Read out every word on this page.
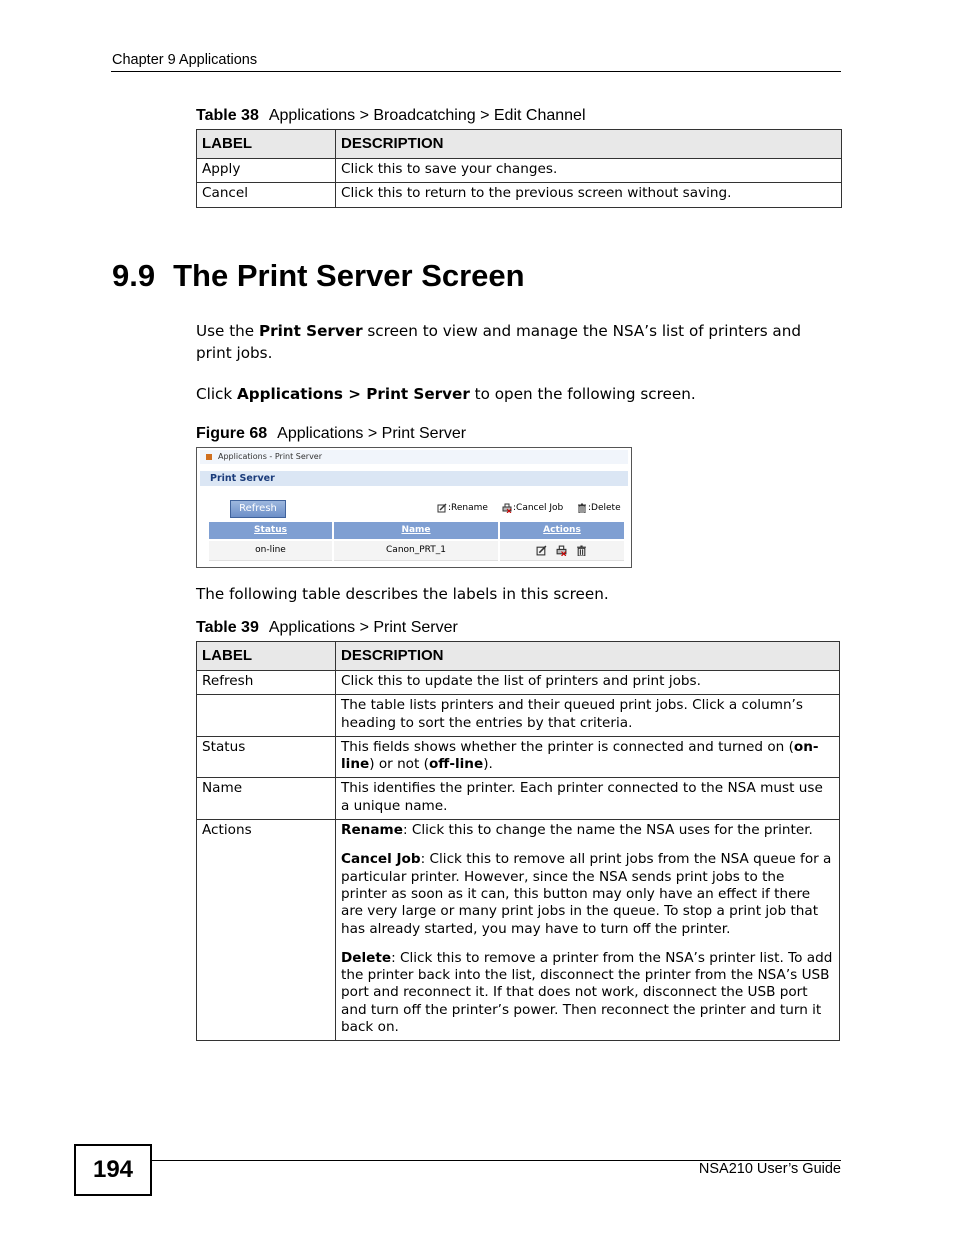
Chapter 9 Applications
Table 38 Applications > Broadcatching > Edit Channel
LABEL	DESCRIPTION
Apply	Click this to save your changes.
Cancel	Click this to return to the previous screen without saving.
9.9 The Print Server Screen
Use the Print Server screen to view and manage the NSA’s list of printers and print jobs.
Click Applications > Print Server to open the following screen.
Figure 68 Applications > Print Server
Applications - Print Server
Print Server
Refresh	:Rename	:Cancel Job	:Delete
Status	Name	Actions
on-line	Canon_PRT_1
The following table describes the labels in this screen.
Table 39 Applications > Print Server
LABEL	DESCRIPTION
Refresh	Click this to update the list of printers and print jobs.
	The table lists printers and their queued print jobs. Click a column’s heading to sort the entries by that criteria.
Status	This fields shows whether the printer is connected and turned on (on-line) or not (off-line).
Name	This identifies the printer. Each printer connected to the NSA must use a unique name.
Actions	Rename: Click this to change the name the NSA uses for the printer.

Cancel Job: Click this to remove all print jobs from the NSA queue for a particular printer. However, since the NSA sends print jobs to the printer as soon as it can, this button may only have an effect if there are very large or many print jobs in the queue. To stop a print job that has already started, you may have to turn off the printer.

Delete: Click this to remove a printer from the NSA’s printer list. To add the printer back into the list, disconnect the printer from the NSA’s USB port and reconnect it. If that does not work, disconnect the USB port and turn off the printer’s power. Then reconnect the printer and turn it back on.

194	NSA210 User’s Guide
